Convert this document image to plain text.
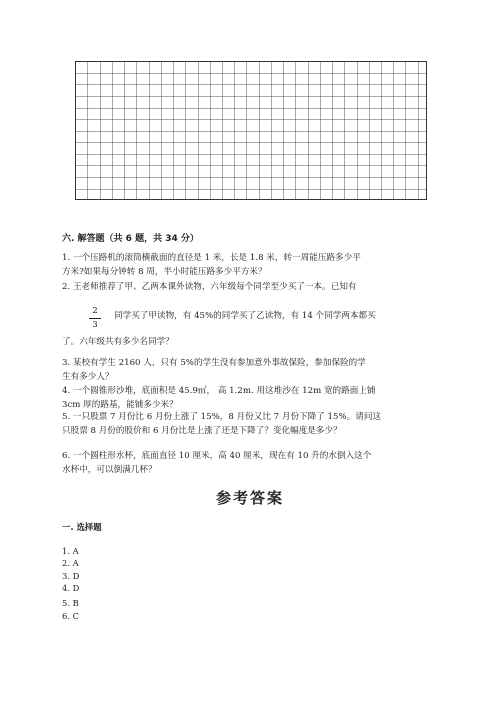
六. 解答题（共 6 题，共 34 分）
1. 一个压路机的滚筒横截面的直径是 1 米，长是 1.8 米，转一周能压路多少平
方米?如果每分钟转 8 周，半小时能压路多少平方米？
2. 王老师推荐了甲、乙两本课外读物，六年级每个同学至少买了一本。已知有
2
3
同学买了甲读物，有 45%的同学买了乙读物，有 14 个同学两本都买
了。六年级共有多少名同学？
3. 某校有学生 2160 人，只有 5%的学生没有参加意外事故保险，参加保险的学
生有多少人？
4. 一个圆锥形沙堆，底面积是 45.9㎡， 高 1.2m. 用这堆沙在 12m 宽的路面上铺
3cm 厚的路基，能铺多少米？
5. 一只股票 7 月份比 6 月份上涨了 15%，8 月份又比 7 月份下降了 15%。请问这
只股票 8 月份的股价和 6 月份比是上涨了还是下降了？变化幅度是多少？
6. 一个圆柱形水杯，底面直径 10 厘米，高 40 厘米，现在有 10 升的水倒入这个
水杯中，可以倒满几杯？
参考答案
一. 选择题
1. A
2. A
3. D
4. D
5. B
6. C
